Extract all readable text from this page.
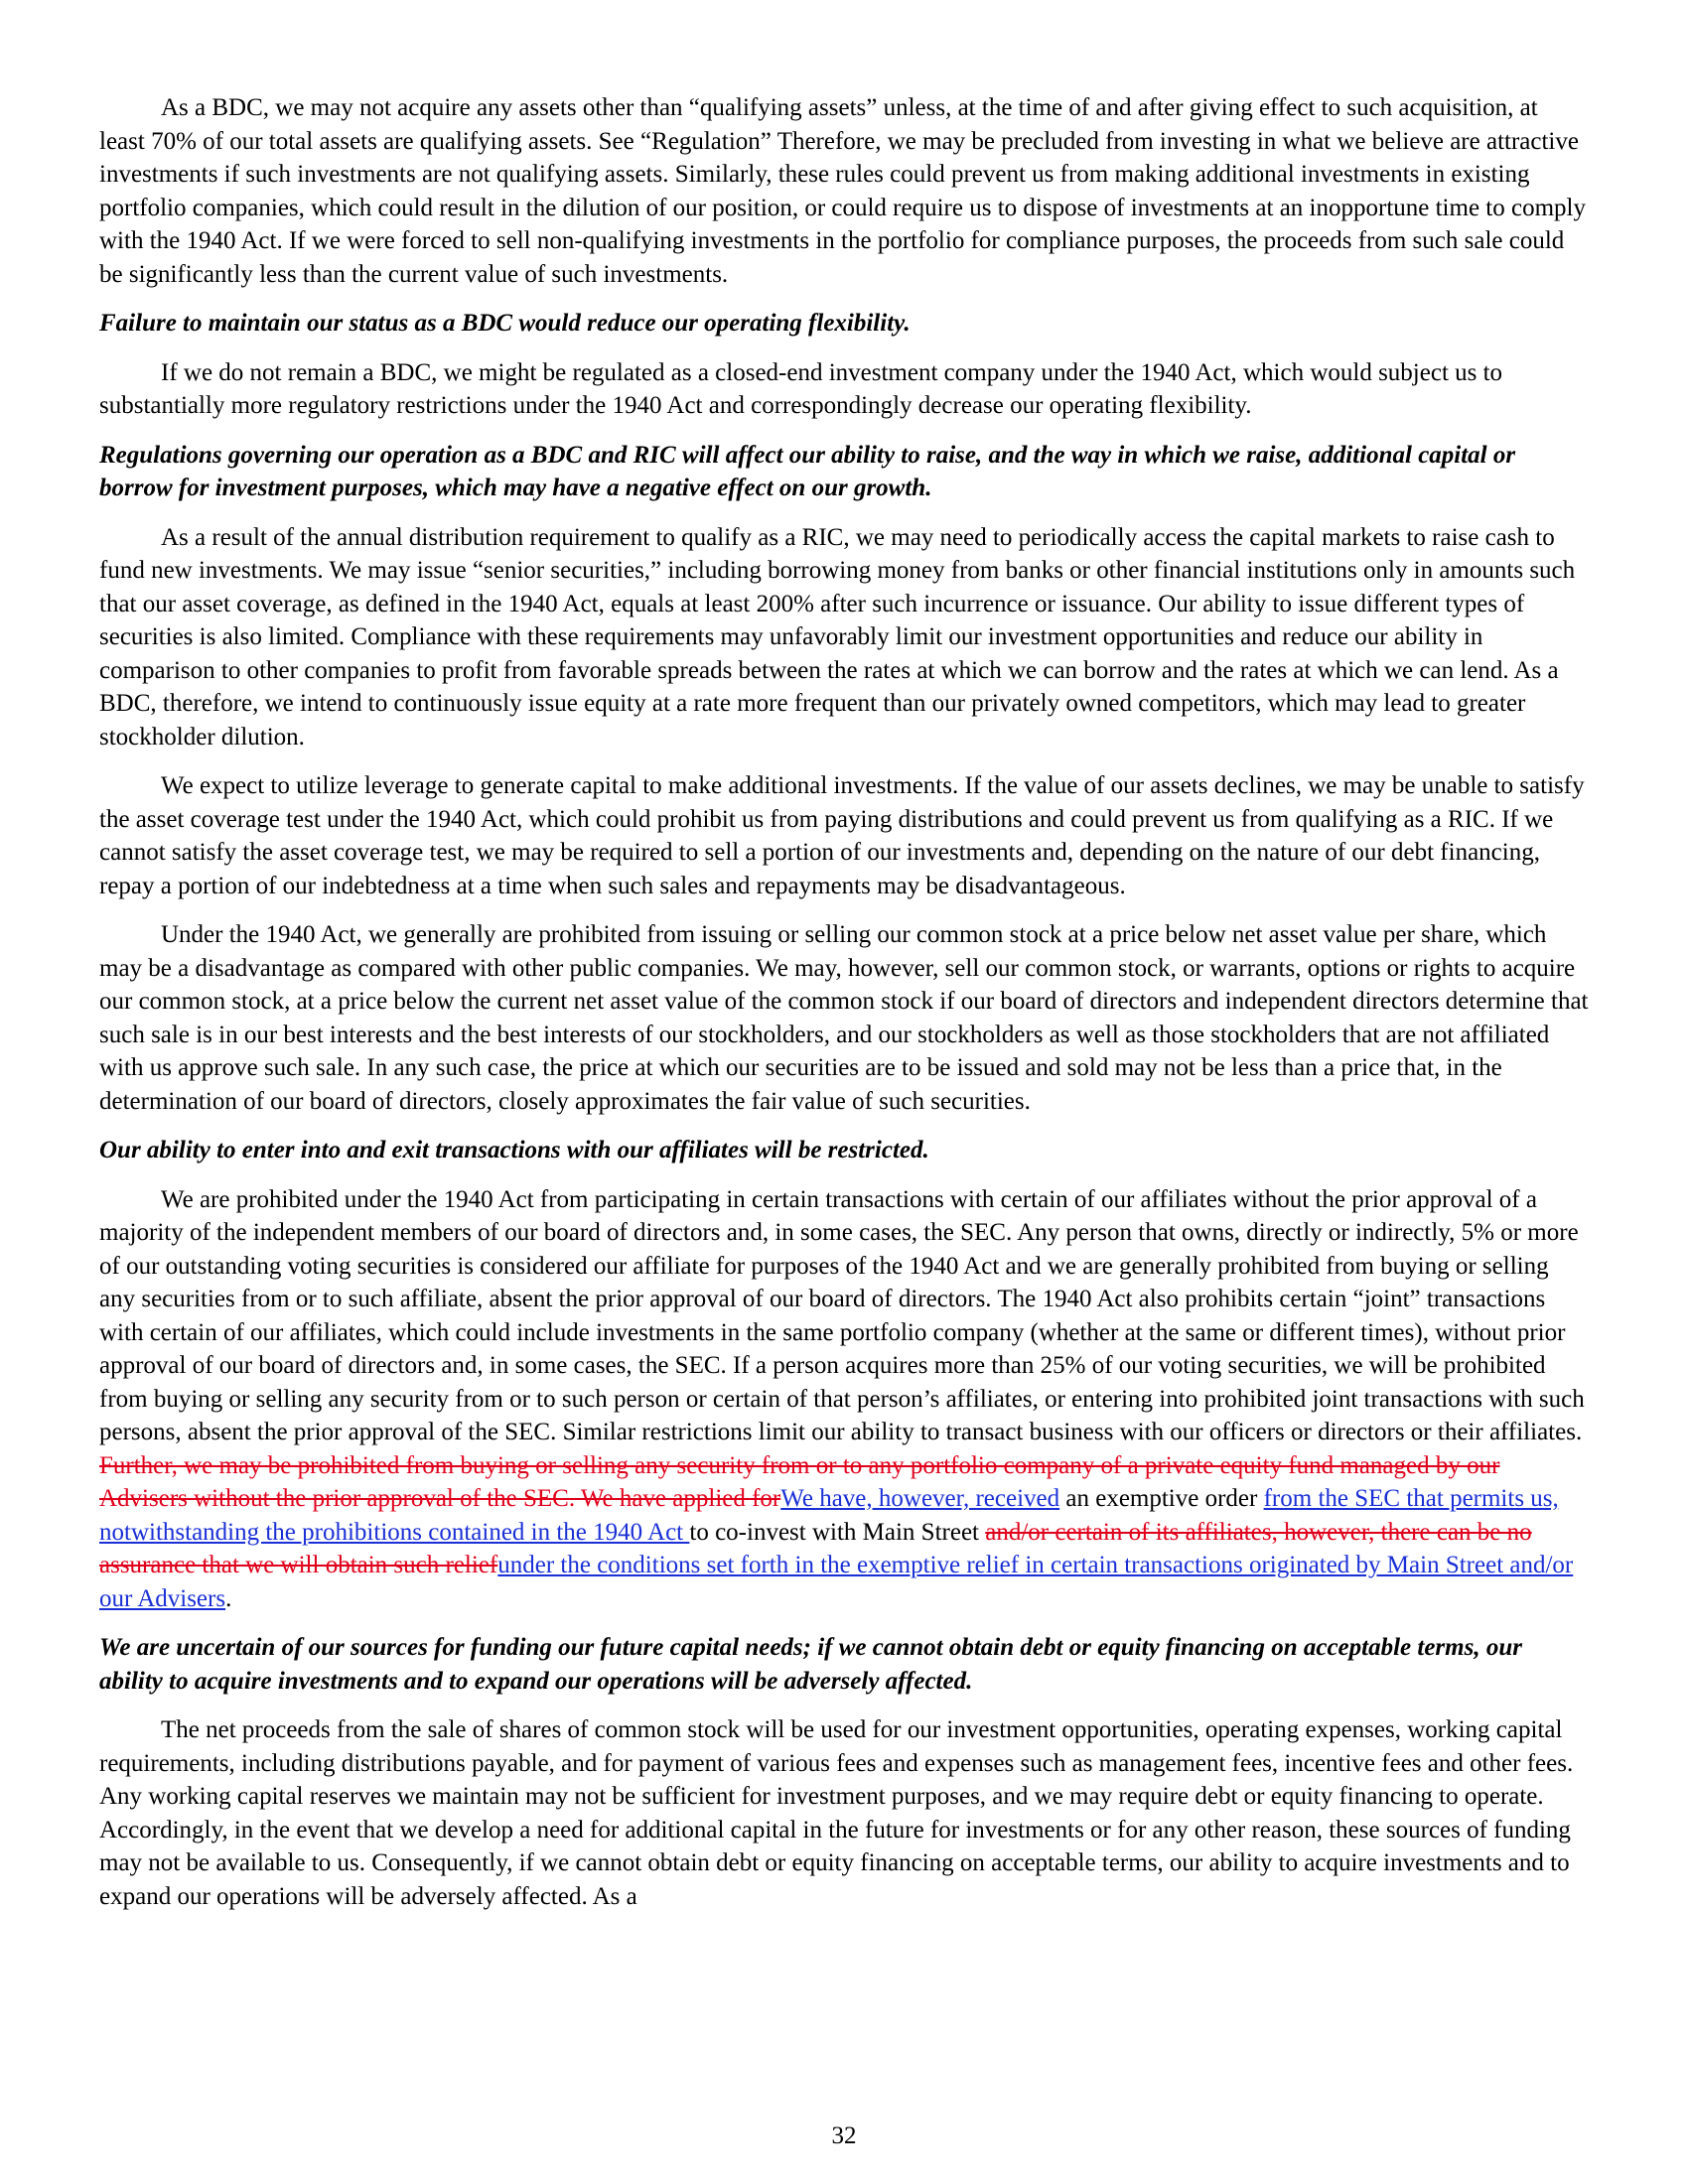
As a BDC, we may not acquire any assets other than “qualifying assets” unless, at the time of and after giving effect to such acquisition, at least 70% of our total assets are qualifying assets. See “Regulation” Therefore, we may be precluded from investing in what we believe are attractive investments if such investments are not qualifying assets. Similarly, these rules could prevent us from making additional investments in existing portfolio companies, which could result in the dilution of our position, or could require us to dispose of investments at an inopportune time to comply with the 1940 Act. If we were forced to sell non-qualifying investments in the portfolio for compliance purposes, the proceeds from such sale could be significantly less than the current value of such investments.

Failure to maintain our status as a BDC would reduce our operating flexibility.

If we do not remain a BDC, we might be regulated as a closed-end investment company under the 1940 Act, which would subject us to substantially more regulatory restrictions under the 1940 Act and correspondingly decrease our operating flexibility.

Regulations governing our operation as a BDC and RIC will affect our ability to raise, and the way in which we raise, additional capital or borrow for investment purposes, which may have a negative effect on our growth.

As a result of the annual distribution requirement to qualify as a RIC, we may need to periodically access the capital markets to raise cash to fund new investments. We may issue “senior securities,” including borrowing money from banks or other financial institutions only in amounts such that our asset coverage, as defined in the 1940 Act, equals at least 200% after such incurrence or issuance. Our ability to issue different types of securities is also limited. Compliance with these requirements may unfavorably limit our investment opportunities and reduce our ability in comparison to other companies to profit from favorable spreads between the rates at which we can borrow and the rates at which we can lend. As a BDC, therefore, we intend to continuously issue equity at a rate more frequent than our privately owned competitors, which may lead to greater stockholder dilution.

We expect to utilize leverage to generate capital to make additional investments. If the value of our assets declines, we may be unable to satisfy the asset coverage test under the 1940 Act, which could prohibit us from paying distributions and could prevent us from qualifying as a RIC. If we cannot satisfy the asset coverage test, we may be required to sell a portion of our investments and, depending on the nature of our debt financing, repay a portion of our indebtedness at a time when such sales and repayments may be disadvantageous.

Under the 1940 Act, we generally are prohibited from issuing or selling our common stock at a price below net asset value per share, which may be a disadvantage as compared with other public companies. We may, however, sell our common stock, or warrants, options or rights to acquire our common stock, at a price below the current net asset value of the common stock if our board of directors and independent directors determine that such sale is in our best interests and the best interests of our stockholders, and our stockholders as well as those stockholders that are not affiliated with us approve such sale. In any such case, the price at which our securities are to be issued and sold may not be less than a price that, in the determination of our board of directors, closely approximates the fair value of such securities.

Our ability to enter into and exit transactions with our affiliates will be restricted.

We are prohibited under the 1940 Act from participating in certain transactions with certain of our affiliates without the prior approval of a majority of the independent members of our board of directors and, in some cases, the SEC. Any person that owns, directly or indirectly, 5% or more of our outstanding voting securities is considered our affiliate for purposes of the 1940 Act and we are generally prohibited from buying or selling any securities from or to such affiliate, absent the prior approval of our board of directors. The 1940 Act also prohibits certain “joint” transactions with certain of our affiliates, which could include investments in the same portfolio company (whether at the same or different times), without prior approval of our board of directors and, in some cases, the SEC. If a person acquires more than 25% of our voting securities, we will be prohibited from buying or selling any security from or to such person or certain of that person’s affiliates, or entering into prohibited joint transactions with such persons, absent the prior approval of the SEC. Similar restrictions limit our ability to transact business with our officers or directors or their affiliates. Further, we may be prohibited from buying or selling any security from or to any portfolio company of a private equity fund managed by our Advisers without the prior approval of the SEC. We have applied forWe have, however, received an exemptive order from the SEC that permits us, notwithstanding the prohibitions contained in the 1940 Act to co-invest with Main Street and/or certain of its affiliates, however, there can be no assurance that we will obtain such reliefunder the conditions set forth in the exemptive relief in certain transactions originated by Main Street and/or our Advisers.

We are uncertain of our sources for funding our future capital needs; if we cannot obtain debt or equity financing on acceptable terms, our ability to acquire investments and to expand our operations will be adversely affected.

The net proceeds from the sale of shares of common stock will be used for our investment opportunities, operating expenses, working capital requirements, including distributions payable, and for payment of various fees and expenses such as management fees, incentive fees and other fees. Any working capital reserves we maintain may not be sufficient for investment purposes, and we may require debt or equity financing to operate. Accordingly, in the event that we develop a need for additional capital in the future for investments or for any other reason, these sources of funding may not be available to us. Consequently, if we cannot obtain debt or equity financing on acceptable terms, our ability to acquire investments and to expand our operations will be adversely affected. As a

32
